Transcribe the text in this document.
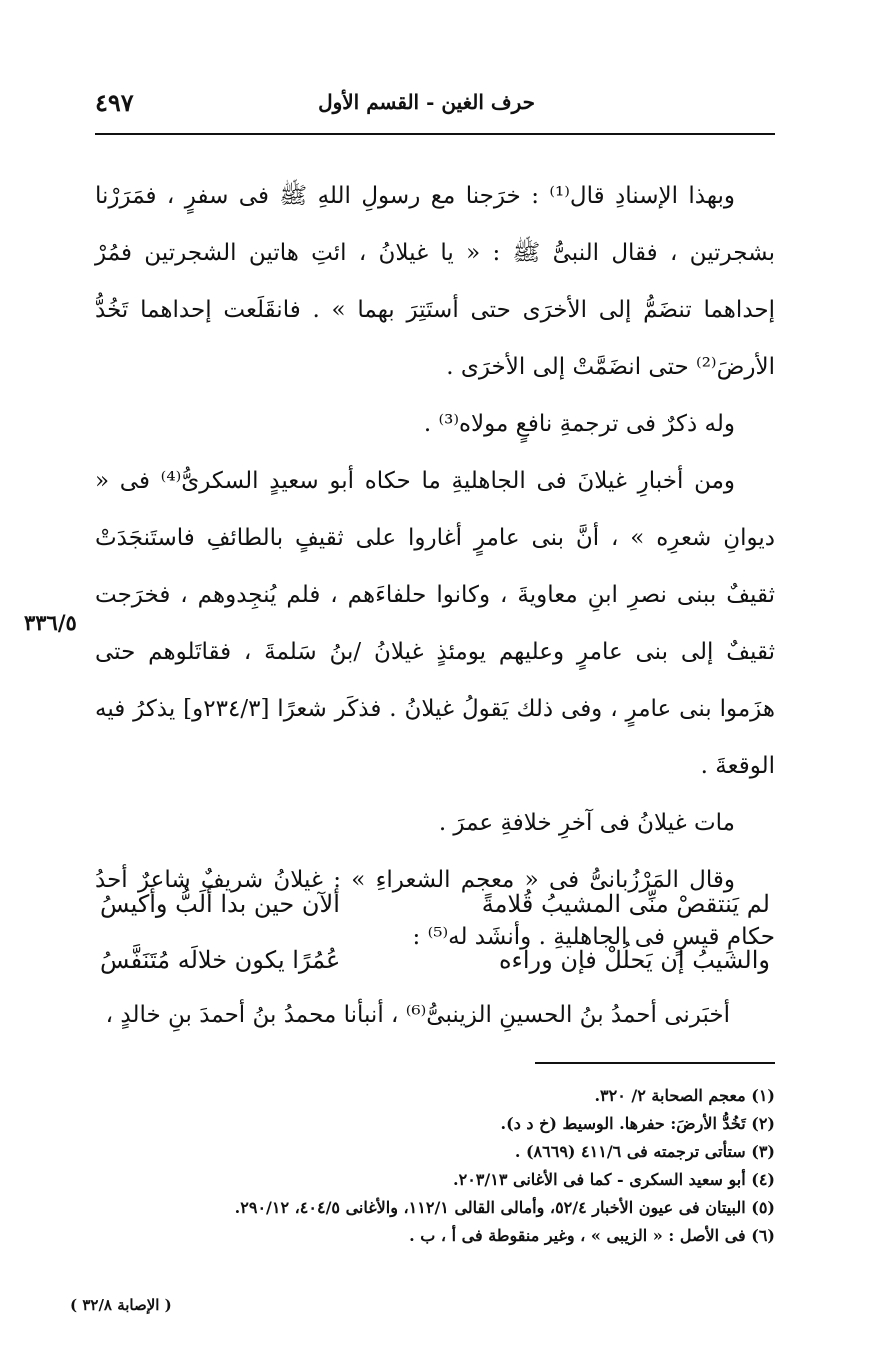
٤٩٧	حرف الغين - القسم الأول

وبهذا الإسنادِ قال⁽¹⁾ : خرَجنا مع رسولِ اللهِ ﷺ فى سفرٍ ، فمَرَرْنا بشجرتين ، فقال النبىُّ ﷺ : « يا غيلانُ ، ائتِ هاتين الشجرتين فمُرْ إحداهما تنضَمُّ إلى الأخرَى حتى أستَتِرَ بهما » . فانقَلَعت إحداهما تَخُدُّ الأرضَ⁽²⁾ حتى انضَمَّتْ إلى الأخرَى .

وله ذكرٌ فى ترجمةِ نافعٍ مولاه⁽³⁾ .

ومن أخبارِ غيلانَ فى الجاهليةِ ما حكاه أبو سعيدٍ السكرىُّ⁽⁴⁾ فى « ديوانِ شعرِه » ، أنَّ بنى عامرٍ أغاروا على ثقيفٍ بالطائفِ فاستَنجَدَتْ ثقيفٌ ببنى نصرِ ابنِ معاويةَ ، وكانوا حلفاءَهم ، فلم يُنجِدوهم ، فخرَجت ثقيفٌ إلى بنى عامرٍ وعليهم يومئذٍ غيلانُ /بنُ سَلمةَ ، فقاتَلوهم حتى هزَموا بنى عامرٍ ، وفى ذلك يَقولُ غيلانُ . فذكَر شعرًا [٢٣٤/٣و] يذكرُ فيه الوقعةَ .

مات غيلانُ فى آخرِ خلافةِ عمرَ .

وقال المَرْزُبانىُّ فى « معجم الشعراءِ » : غيلانُ شريفٌ شاعرٌ أحدُ حكامِ قيسٍ فى الجاهليةِ . وأنشَد له⁽⁵⁾ :

٣٣٦/٥
لم يَنتقصْ منِّى المشيبُ قُلامةً
ألآن حين بدا أَلَبُّ وأكيسُ
والشيبُ إن يَحلُلْ فإن وراءه
عُمُرًا يكون خلالَه مُتَنَفَّسُ
أخبَرنى أحمدُ بنُ الحسينِ الزينبىُّ⁽⁶⁾ ، أنبأنا محمدُ بنُ أحمدَ بنِ خالدٍ ،
(١) معجم الصحابة ٢/ ٣٢٠.
(٢) تَخُدُّ الأرضَ: حفرها. الوسيط (خ د د).
(٣) ستأتى ترجمته فى ٤١١/٦ (٨٦٦٩) .
(٤) أبو سعيد السكرى - كما فى الأغانى ٢٠٣/١٣.
(٥) البيتان فى عيون الأخبار ٥٢/٤، وأمالى القالى ١١٢/١، والأغانى ٤٠٤/٥، ٢٩٠/١٢.
(٦) فى الأصل : « الزيبى » ، وغير منقوطة فى أ ، ب .
( الإصابة ٣٢/٨ )
